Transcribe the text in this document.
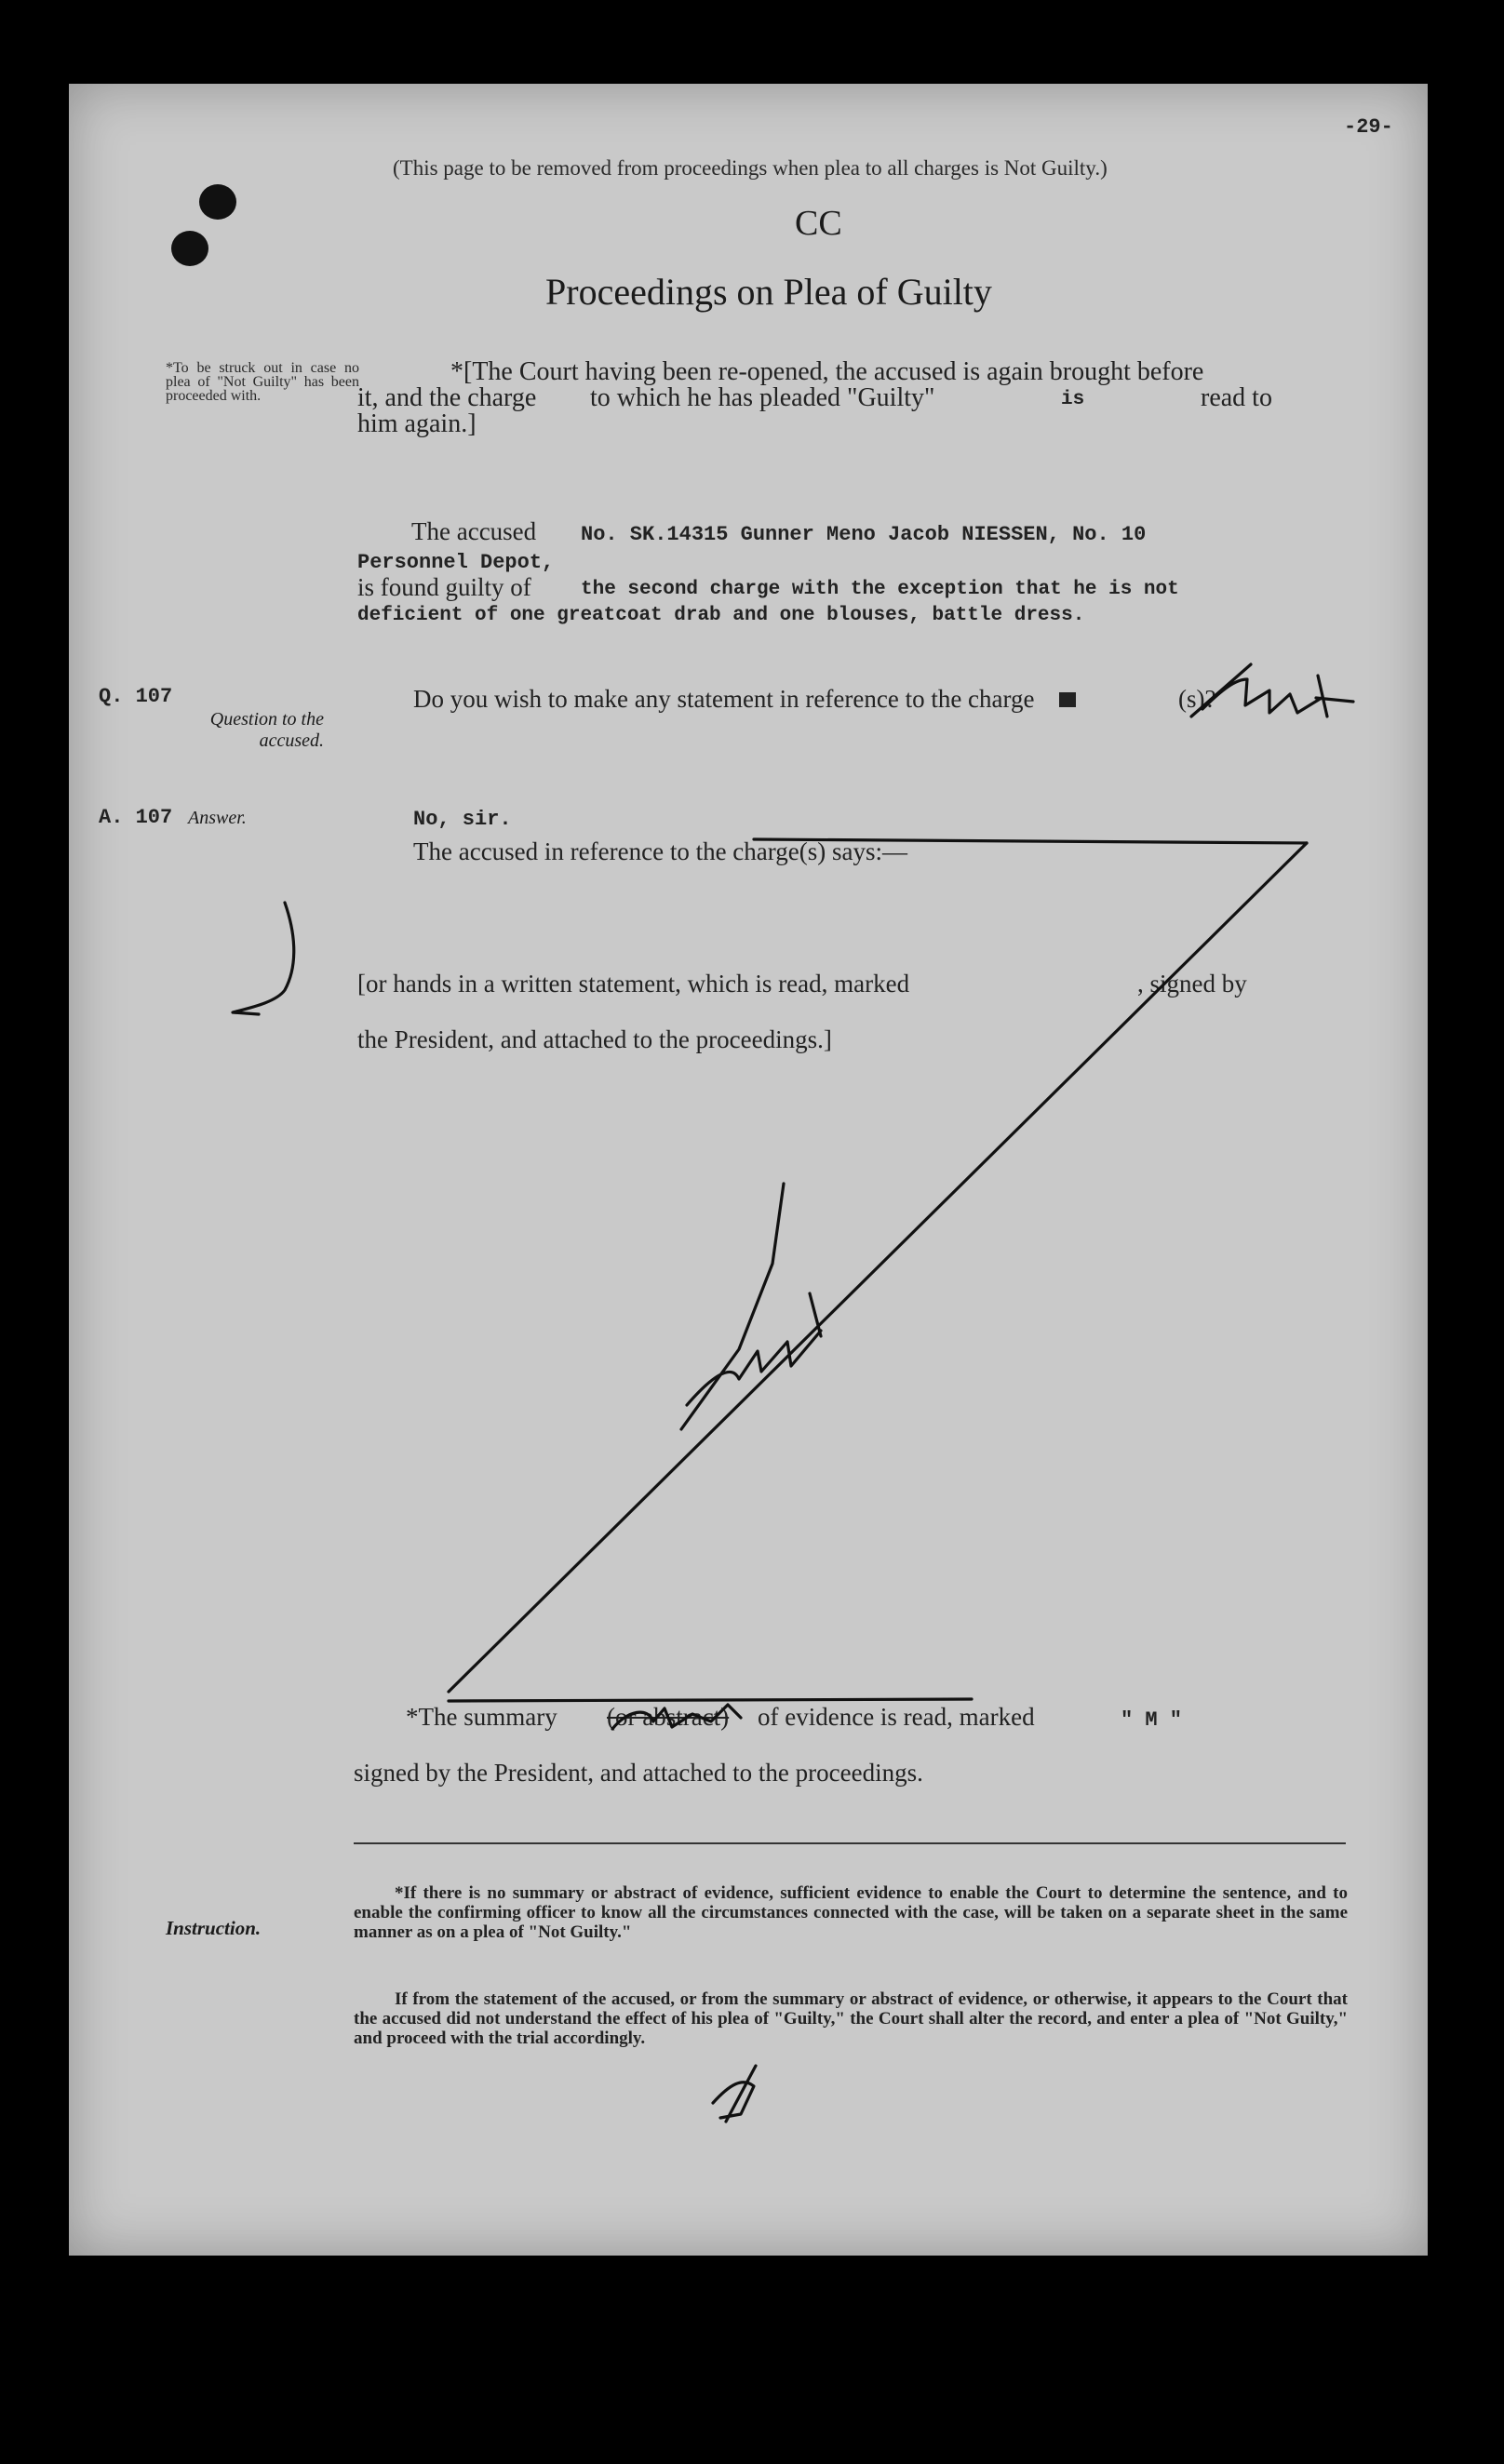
-29-
(This page to be removed from proceedings when plea to all charges is Not Guilty.)
CC
Proceedings on Plea of Guilty
*To be struck out in case no plea of "Not Guilty" has been proceeded with.
*[The Court having been re-opened, the accused is again brought before
it, and the charge to which he has pleaded "Guilty"	is	read to
him again.]
The accused No. SK.14315 Gunner Meno Jacob NIESSEN, No. 10
Personnel Depot,
is found guilty of	the second charge with the exception that he is not
deficient of one greatcoat drab and one blouses, battle dress.
Q. 107
Question to the accused.
Do you wish to make any statement in reference to the charge	(s)?
A. 107 Answer.	No, sir.
The accused in reference to the charge(s) says:—
[or hands in a written statement, which is read, marked	, signed by
the President, and attached to the proceedings.]
*The summary (or abstract) of evidence is read, marked	" M "
signed by the President, and attached to the proceedings.
Instruction.
*If there is no summary or abstract of evidence, sufficient evidence to enable the Court to determine the sentence, and to enable the confirming officer to know all the circumstances connected with the case, will be taken on a separate sheet in the same manner as on a plea of "Not Guilty."
If from the statement of the accused, or from the summary or abstract of evidence, or otherwise, it appears to the Court that the accused did not understand the effect of his plea of "Guilty," the Court shall alter the record, and enter a plea of "Not Guilty," and proceed with the trial accordingly.
